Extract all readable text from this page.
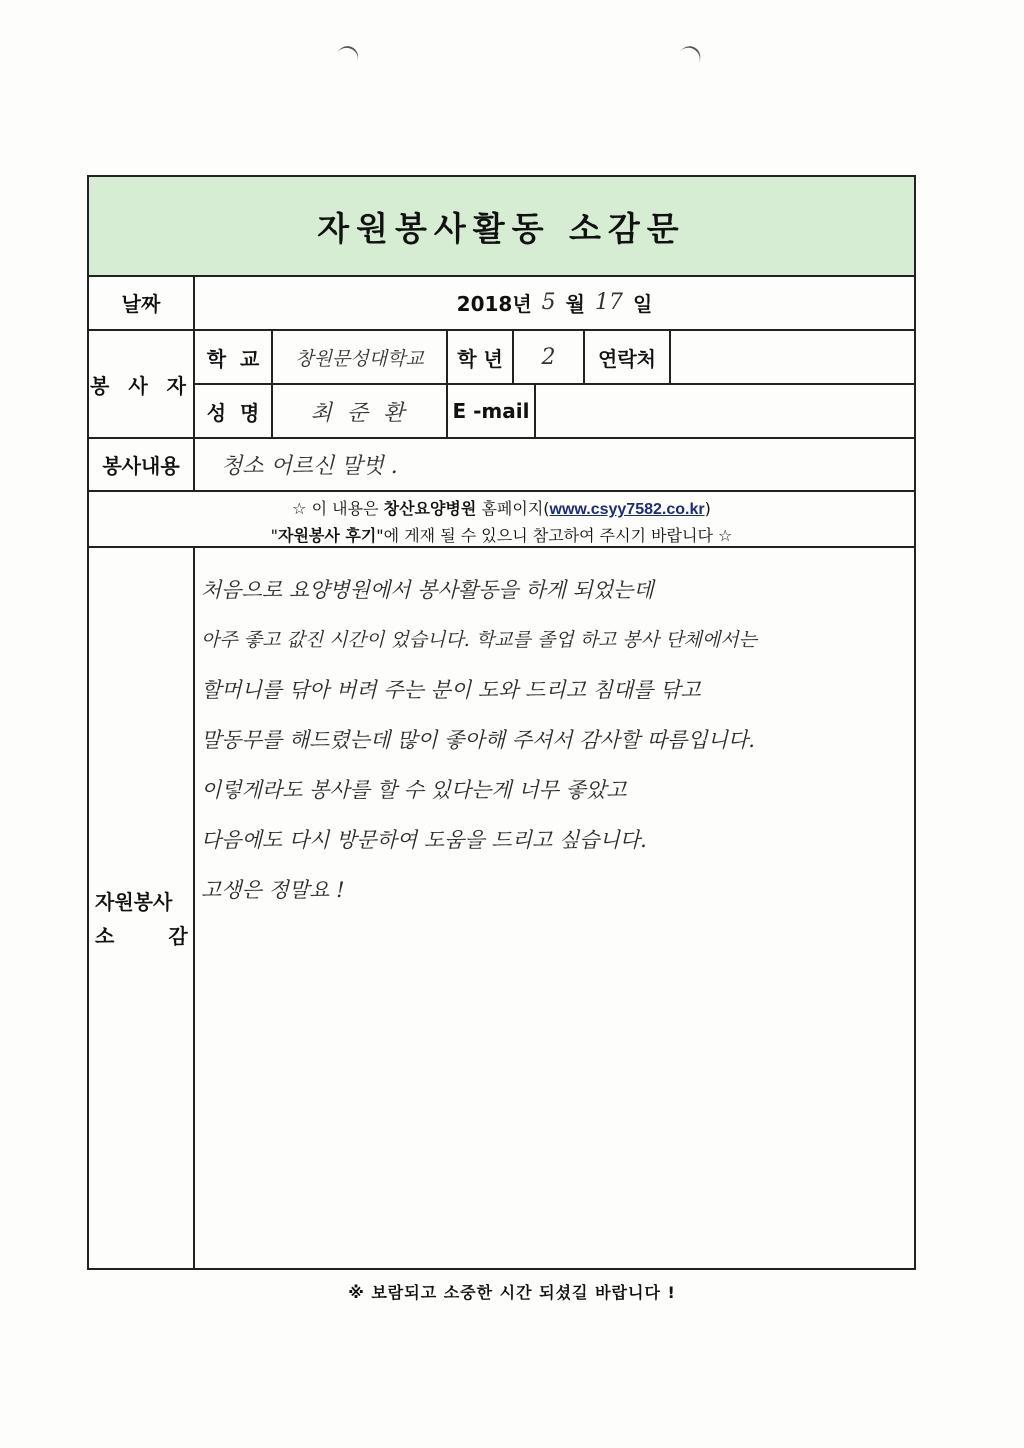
자원봉사활동 소감문
날짜	2018년 5 월 17 일
봉 사 자
학  교 창원문성대학교 학 년 2 연락처
성  명 최 준 환 E -mail
봉사내용 청소 어르신 말벗 .
☆ 이 내용은 창산요양병원 홈페이지(www.csyy7582.co.kr)
"자원봉사 후기"에 게재 될 수 있으니 참고하여 주시기 바랍니다 ☆
자원봉사
소감
처음으로 요양병원에서 봉사활동을 하게 되었는데
아주 좋고 값진 시간이 었습니다. 학교를 졸업 하고 봉사 단체에서는
할머니를 닦아 버려 주는 분이 도와 드리고 침대를 닦고
말동무를 해드렸는데 많이 좋아해 주셔서 감사할 따름입니다.
이렇게라도 봉사를 할 수 있다는게 너무 좋았고
다음에도 다시 방문하여 도움을 드리고 싶습니다.
고생은 정말요 !
※ 보람되고 소중한 시간 되셨길 바랍니다 !
